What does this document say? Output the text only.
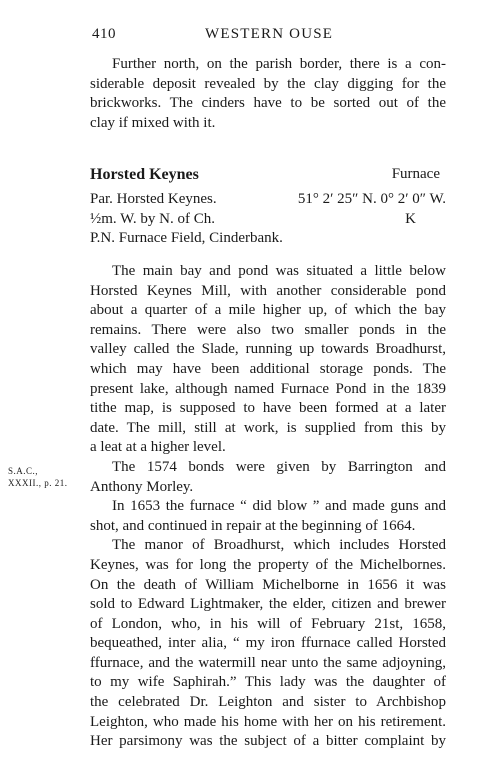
410	WESTERN OUSE
Further north, on the parish border, there is a con-
siderable deposit revealed by the clay digging for the
brickworks. The cinders have to be sorted out of the
clay if mixed with it.
Horsted Keynes	Furnace
Par. Horsted Keynes.	51° 2′ 25″ N. 0° 2′ 0″ W.
½m. W. by N. of Ch.	K
P.N. Furnace Field, Cinderbank.
The main bay and pond was situated a little below
Horsted Keynes Mill, with another considerable pond
about a quarter of a mile higher up, of which the bay
remains. There were also two smaller ponds in the
valley called the Slade, running up towards Broadhurst,
which may have been additional storage ponds. The
present lake, although named Furnace Pond in the 1839
tithe map, is supposed to have been formed at a later
date. The mill, still at work, is supplied from this by
a leat at a higher level.
The 1574 bonds were given by Barrington and
Anthony Morley.
In 1653 the furnace “ did blow ” and made guns and
shot, and continued in repair at the beginning of 1664.
The manor of Broadhurst, which includes Horsted
Keynes, was for long the property of the Michelbornes.
On the death of William Michelborne in 1656 it was
sold to Edward Lightmaker, the elder, citizen and brewer
of London, who, in his will of February 21st, 1658,
bequeathed, inter alia, “ my iron ffurnace called Horsted
ffurnace, and the watermill near unto the same adjoyning,
to my wife Saphirah.” This lady was the daughter of
the celebrated Dr. Leighton and sister to Archbishop
Leighton, who made his home with her on his retirement.
Her parsimony was the subject of a bitter complaint by
S.A.C.,
XXXII., p. 21.
